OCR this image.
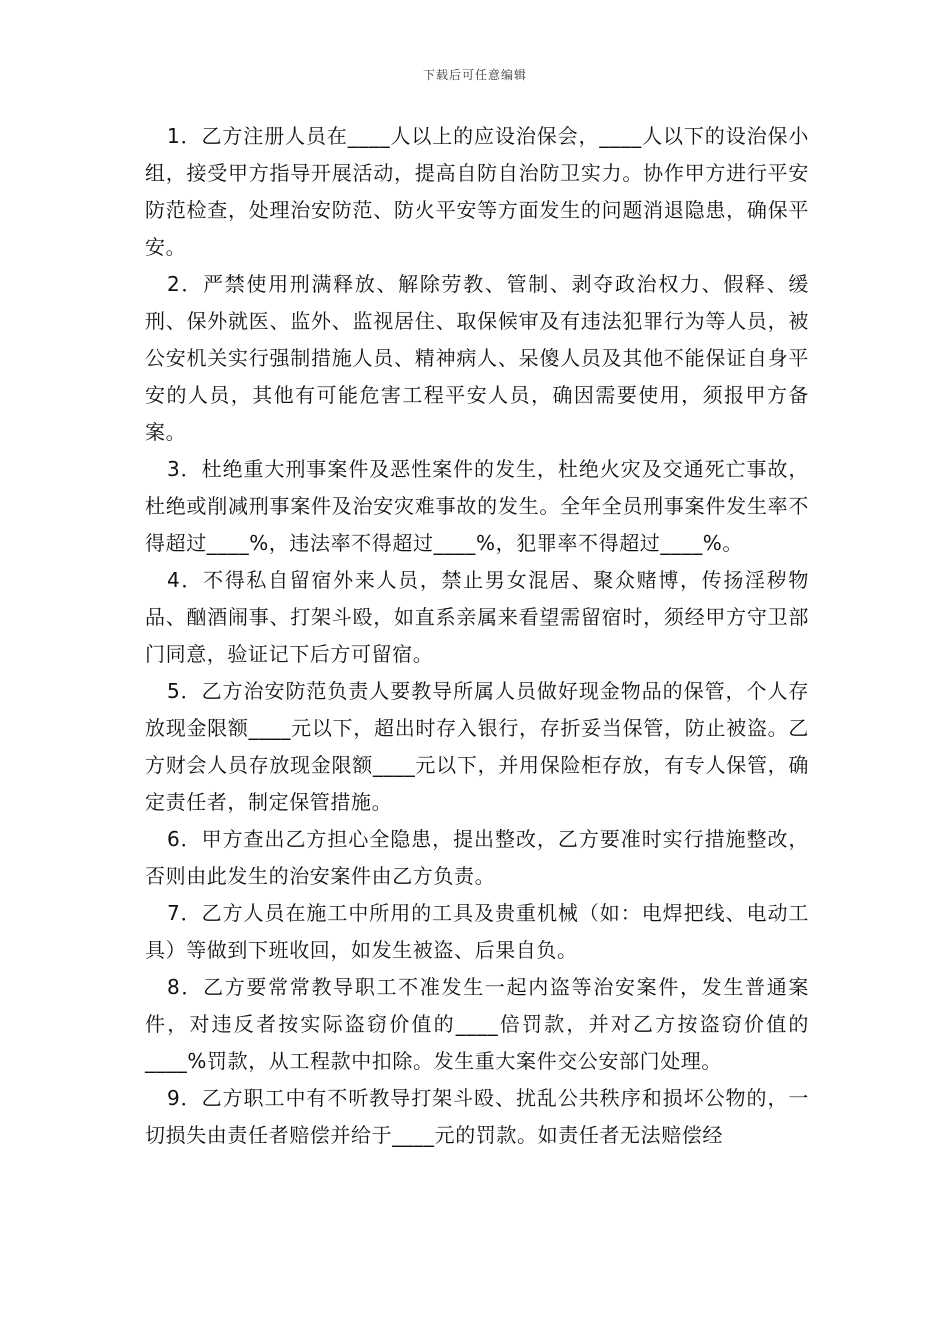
下载后可任意编辑

1．乙方注册人员在____人以上的应设治保会，____人以下的设治保小组，接受甲方指导开展活动，提高自防自治防卫实力。协作甲方进行平安防范检查，处理治安防范、防火平安等方面发生的问题消退隐患，确保平安。

2．严禁使用刑满释放、解除劳教、管制、剥夺政治权力、假释、缓刑、保外就医、监外、监视居住、取保候审及有违法犯罪行为等人员，被公安机关实行强制措施人员、精神病人、呆傻人员及其他不能保证自身平安的人员，其他有可能危害工程平安人员，确因需要使用，须报甲方备案。

3．杜绝重大刑事案件及恶性案件的发生，杜绝火灾及交通死亡事故，杜绝或削减刑事案件及治安灾难事故的发生。全年全员刑事案件发生率不得超过____%，违法率不得超过____%，犯罪率不得超过____%。

4．不得私自留宿外来人员，禁止男女混居、聚众赌博，传扬淫秽物品、酗酒闹事、打架斗殴，如直系亲属来看望需留宿时，须经甲方守卫部门同意，验证记下后方可留宿。

5．乙方治安防范负责人要教导所属人员做好现金物品的保管，个人存放现金限额____元以下，超出时存入银行，存折妥当保管，防止被盗。乙方财会人员存放现金限额____元以下，并用保险柜存放，有专人保管，确定责任者，制定保管措施。

6．甲方查出乙方担心全隐患，提出整改，乙方要准时实行措施整改，否则由此发生的治安案件由乙方负责。

7．乙方人员在施工中所用的工具及贵重机械（如：电焊把线、电动工具）等做到下班收回，如发生被盗、后果自负。

8．乙方要常常教导职工不准发生一起内盗等治安案件，发生普通案件，对违反者按实际盗窃价值的____倍罚款，并对乙方按盗窃价值的____%罚款，从工程款中扣除。发生重大案件交公安部门处理。

9．乙方职工中有不听教导打架斗殴、扰乱公共秩序和损坏公物的，一切损失由责任者赔偿并给于____元的罚款。如责任者无法赔偿经
